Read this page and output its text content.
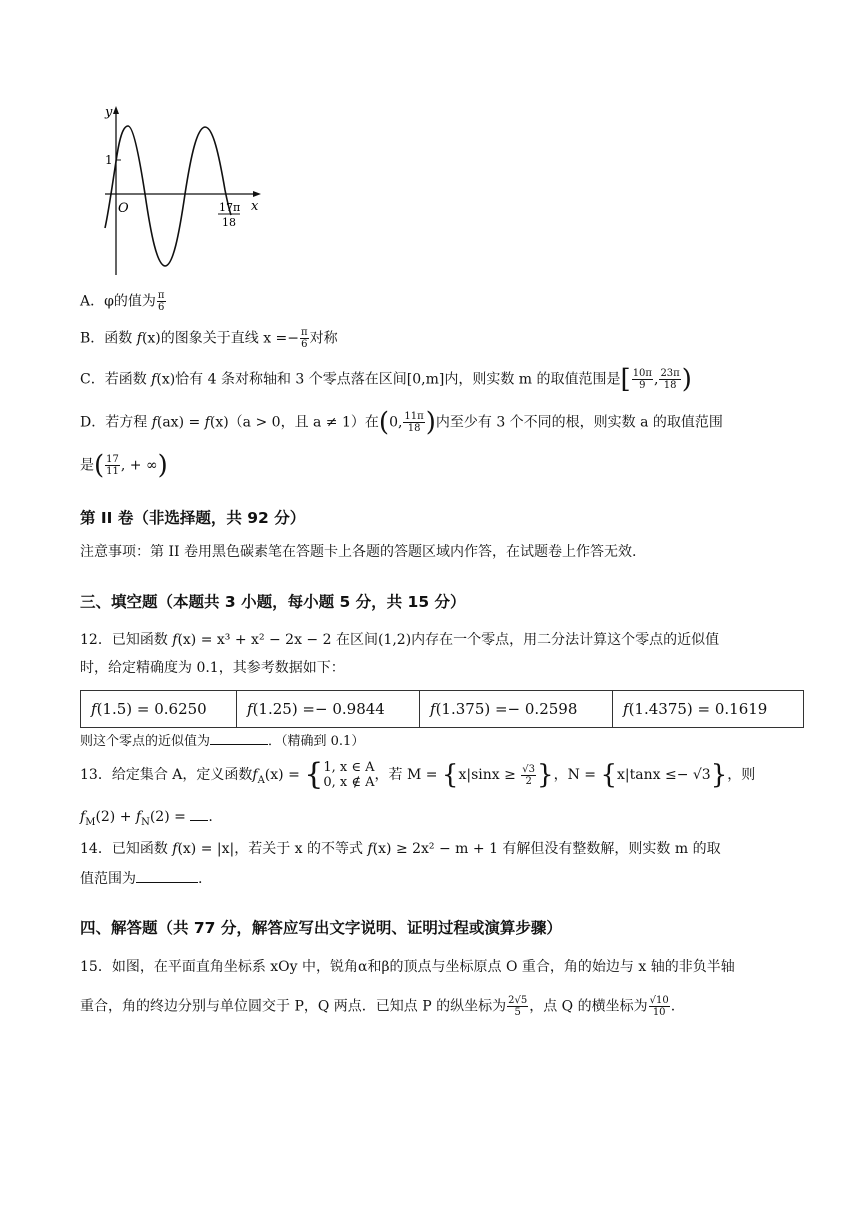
y
x
O
1
17π
18
A．φ的值为 $\frac{\pi}{6}$
B．函数 f(x)的图象关于直线 $x =- \frac{\pi}{6}$ 对称
C．若函数 f(x)恰有 4 条对称轴和 3 个零点落在区间[0,m]内，则实数 m 的取值范围是[ $\frac{10\pi}{9}$ , $\frac{23\pi}{18}$ )
D．若方程 f(ax) = f(x)（a > 0，且 a ≠ 1）在(0, $\frac{11\pi}{18}$ )内至少有 3 个不同的根，则实数 a 的取值范围
是( $\frac{17}{11}$ , + ∞)
第 II 卷（非选择题，共 92 分）
注意事项：第 II 卷用黑色碳素笔在答题卡上各题的答题区域内作答，在试题卷上作答无效.
三、填空题（本题共 3 小题，每小题 5 分，共 15 分）
12．已知函数 f(x) = x³ + x² − 2x − 2 在区间(1,2)内存在一个零点，用二分法计算这个零点的近似值
时，给定精确度为 0.1，其参考数据如下：
f(1.5) = 0.6250	f(1.25) =− 0.9844	f(1.375) =− 0.2598	f(1.4375) = 0.1619
则这个零点的近似值为	．（精确到 0.1）
13．给定集合 A，定义函数$f_A(x)$ = { 1, x ∈ A
0, x ∉ A ，若 $M = \{x|\sin x \ge \frac{√3}{2}$ }，N = {x|tanx ≤− √3}，则
$f_M(2) + f_N(2)$ = .
14．已知函数 f(x) = |x|，若关于 x 的不等式 f(x) ≥ 2x² − m + 1 有解但没有整数解，则实数 m 的取
值范围为	.
四、解答题（共 77 分，解答应写出文字说明、证明过程或演算步骤）
15．如图，在平面直角坐标系 xOy 中，锐角α和β的顶点与坐标原点 O 重合，角的始边与 x 轴的非负半轴
重合，角的终边分别与单位圆交于 P，Q 两点．已知点 P 的纵坐标为 $\frac{2√5}{5}$ ，点 Q 的横坐标为 $\frac{√10}{10}$ .
